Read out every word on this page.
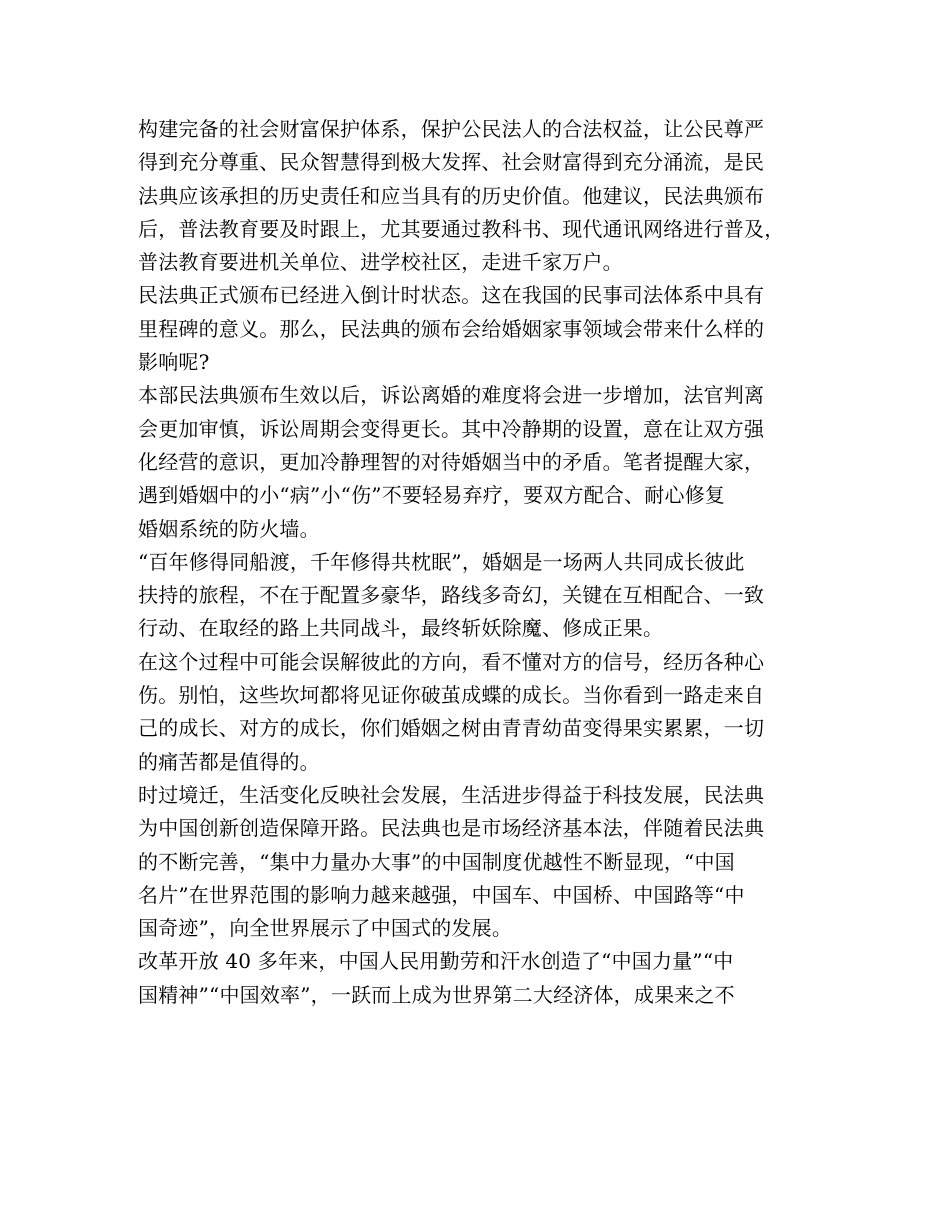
构建完备的社会财富保护体系，保护公民法人的合法权益，让公民尊严
得到充分尊重、民众智慧得到极大发挥、社会财富得到充分涌流，是民
法典应该承担的历史责任和应当具有的历史价值。他建议，民法典颁布
后，普法教育要及时跟上，尤其要通过教科书、现代通讯网络进行普及，
普法教育要进机关单位、进学校社区，走进千家万户。
民法典正式颁布已经进入倒计时状态。这在我国的民事司法体系中具有
里程碑的意义。那么，民法典的颁布会给婚姻家事领域会带来什么样的
影响呢?
本部民法典颁布生效以后，诉讼离婚的难度将会进一步增加，法官判离
会更加审慎，诉讼周期会变得更长。其中冷静期的设置，意在让双方强
化经营的意识，更加冷静理智的对待婚姻当中的矛盾。笔者提醒大家，
遇到婚姻中的小“病”小“伤”不要轻易弃疗，要双方配合、耐心修复
婚姻系统的防火墙。
“百年修得同船渡，千年修得共枕眠”，婚姻是一场两人共同成长彼此
扶持的旅程，不在于配置多豪华，路线多奇幻，关键在互相配合、一致
行动、在取经的路上共同战斗，最终斩妖除魔、修成正果。
在这个过程中可能会误解彼此的方向，看不懂对方的信号，经历各种心
伤。别怕，这些坎坷都将见证你破茧成蝶的成长。当你看到一路走来自
己的成长、对方的成长，你们婚姻之树由青青幼苗变得果实累累，一切
的痛苦都是值得的。
时过境迁，生活变化反映社会发展，生活进步得益于科技发展，民法典
为中国创新创造保障开路。民法典也是市场经济基本法，伴随着民法典
的不断完善，“集中力量办大事”的中国制度优越性不断显现，“中国
名片”在世界范围的影响力越来越强，中国车、中国桥、中国路等“中
国奇迹”，向全世界展示了中国式的发展。
改革开放 40 多年来，中国人民用勤劳和汗水创造了“中国力量”“中
国精神”“中国效率”，一跃而上成为世界第二大经济体，成果来之不
